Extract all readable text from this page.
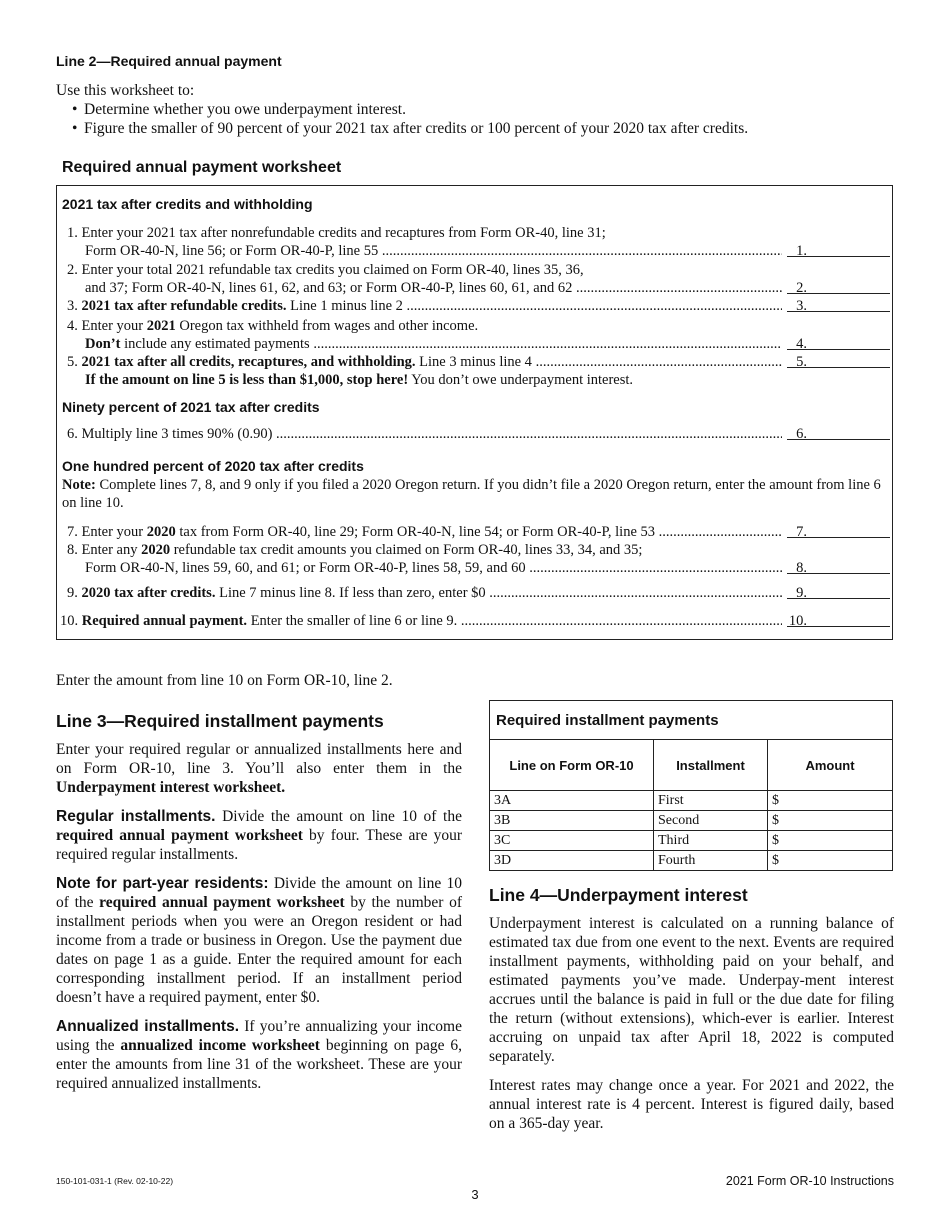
Line 2—Required annual payment
Use this worksheet to:
• Determine whether you owe underpayment interest.
• Figure the smaller of 90 percent of your 2021 tax after credits or 100 percent of your 2020 tax after credits.
Required annual payment worksheet
2021 tax after credits and withholding
1. Enter your 2021 tax after nonrefundable credits and recaptures from Form OR-40, line 31;
Form OR-40-N, line 56; or Form OR-40-P, line 55 .....	1.
2. Enter your total 2021 refundable tax credits you claimed on Form OR-40, lines 35, 36,
and 37; Form OR-40-N, lines 61, 62, and 63; or Form OR-40-P, lines 60, 61, and 62 .....	2.
3. 2021 tax after refundable credits. Line 1 minus line 2 .....	3.
4. Enter your 2021 Oregon tax withheld from wages and other income.
Don’t include any estimated payments .....	4.
5. 2021 tax after all credits, recaptures, and withholding. Line 3 minus line 4 .....	5.
If the amount on line 5 is less than $1,000, stop here! You don’t owe underpayment interest.
Ninety percent of 2021 tax after credits
6. Multiply line 3 times 90% (0.90) .....	6.
One hundred percent of 2020 tax after credits
Note: Complete lines 7, 8, and 9 only if you filed a 2020 Oregon return. If you didn’t file a 2020 Oregon return, enter the amount from line 6 on line 10.
7. Enter your 2020 tax from Form OR-40, line 29; Form OR-40-N, line 54; or Form OR-40-P, line 53 .....	7.
8. Enter any 2020 refundable tax credit amounts you claimed on Form OR-40, lines 33, 34, and 35;
Form OR-40-N, lines 59, 60, and 61; or Form OR-40-P, lines 58, 59, and 60 .....	8.
9. 2020 tax after credits. Line 7 minus line 8. If less than zero, enter $0 .....	9.
10. Required annual payment. Enter the smaller of line 6 or line 9. .....	10.
Enter the amount from line 10 on Form OR-10, line 2.
Line 3—Required installment payments
Enter your required regular or annualized installments here and on Form OR-10, line 3. You’ll also enter them in the Underpayment interest worksheet.
Regular installments. Divide the amount on line 10 of the required annual payment worksheet by four. These are your required regular installments.
Note for part-year residents: Divide the amount on line 10 of the required annual payment worksheet by the number of installment periods when you were an Oregon resident or had income from a trade or business in Oregon. Use the payment due dates on page 1 as a guide. Enter the required amount for each corresponding installment period. If an installment period doesn’t have a required payment, enter $0.
Annualized installments. If you’re annualizing your income using the annualized income worksheet beginning on page 6, enter the amounts from line 31 of the worksheet. These are your required annualized installments.
Required installment payments		
Line on Form OR-10	Installment	Amount
3A	First	$
3B	Second	$
3C	Third	$
3D	Fourth	$
Line 4—Underpayment interest
Underpayment interest is calculated on a running balance of estimated tax due from one event to the next. Events are required installment payments, withholding paid on your behalf, and estimated payments you’ve made. Underpay-ment interest accrues until the balance is paid in full or the due date for filing the return (without extensions), which-ever is earlier. Interest accruing on unpaid tax after April 18, 2022 is computed separately.
Interest rates may change once a year. For 2021 and 2022, the annual interest rate is 4 percent. Interest is figured daily, based on a 365-day year.
150-101-031-1 (Rev. 02-10-22)	2021 Form OR-10 Instructions
3
